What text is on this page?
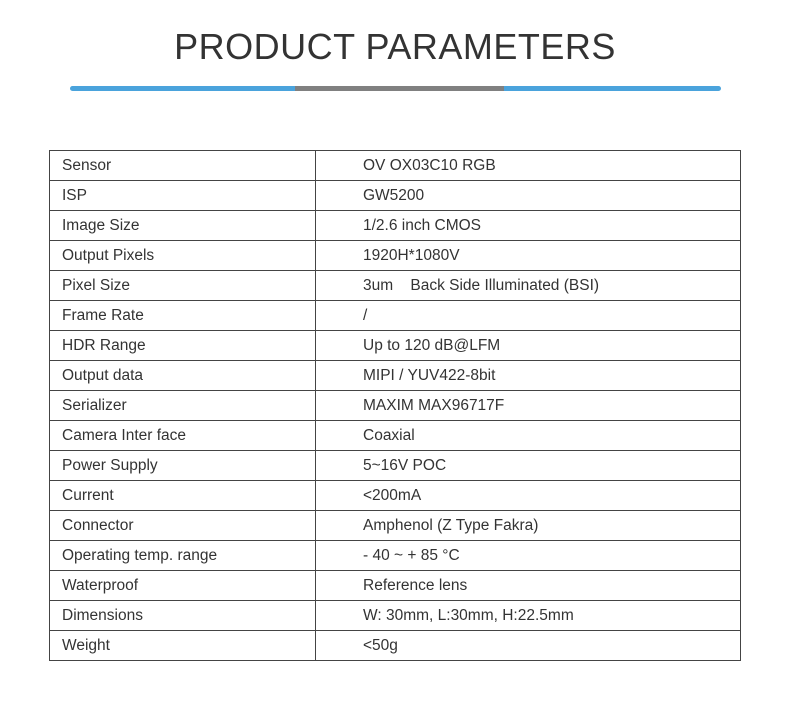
PRODUCT PARAMETERS
Sensor	OV OX03C10 RGB
ISP	GW5200
Image Size	1/2.6 inch CMOS
Output Pixels	1920H*1080V
Pixel Size	3um    Back Side Illuminated (BSI)
Frame Rate	/
HDR Range	Up to 120 dB@LFM
Output data	MIPI / YUV422-8bit
Serializer	MAXIM MAX96717F
Camera Inter face	Coaxial
Power Supply	5~16V POC
Current	<200mA
Connector	Amphenol (Z Type Fakra)
Operating temp. range	- 40 ~ + 85 °C
Waterproof	Reference lens
Dimensions	W: 30mm, L:30mm, H:22.5mm
Weight	<50g
